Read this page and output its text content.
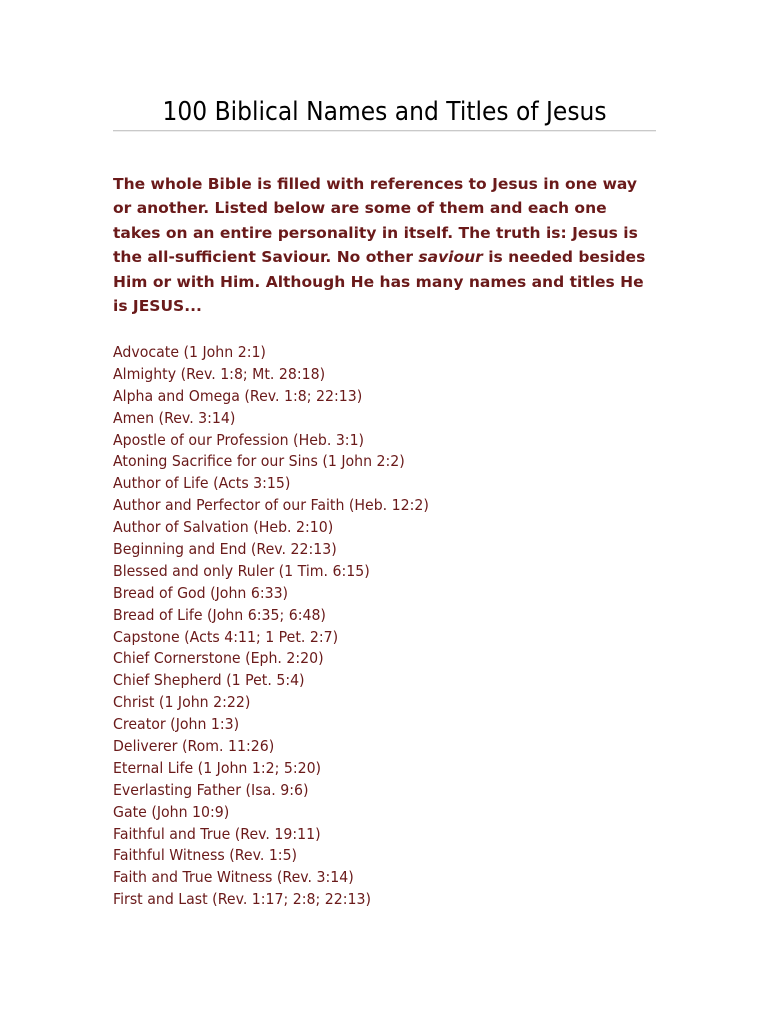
100 Biblical Names and Titles of Jesus

The whole Bible is filled with references to Jesus in one way
or another. Listed below are some of them and each one
takes on an entire personality in itself. The truth is: Jesus is
the all-sufficient Saviour. No other saviour is needed besides
Him or with Him. Although He has many names and titles He
is JESUS...

Advocate (1 John 2:1)
Almighty (Rev. 1:8; Mt. 28:18)
Alpha and Omega (Rev. 1:8; 22:13)
Amen (Rev. 3:14)
Apostle of our Profession (Heb. 3:1)
Atoning Sacrifice for our Sins (1 John 2:2)
Author of Life (Acts 3:15)
Author and Perfector of our Faith (Heb. 12:2)
Author of Salvation (Heb. 2:10)
Beginning and End (Rev. 22:13)
Blessed and only Ruler (1 Tim. 6:15)
Bread of God (John 6:33)
Bread of Life (John 6:35; 6:48)
Capstone (Acts 4:11; 1 Pet. 2:7)
Chief Cornerstone (Eph. 2:20)
Chief Shepherd (1 Pet. 5:4)
Christ (1 John 2:22)
Creator (John 1:3)
Deliverer (Rom. 11:26)
Eternal Life (1 John 1:2; 5:20)
Everlasting Father (Isa. 9:6)
Gate (John 10:9)
Faithful and True (Rev. 19:11)
Faithful Witness (Rev. 1:5)
Faith and True Witness (Rev. 3:14)
First and Last (Rev. 1:17; 2:8; 22:13)
